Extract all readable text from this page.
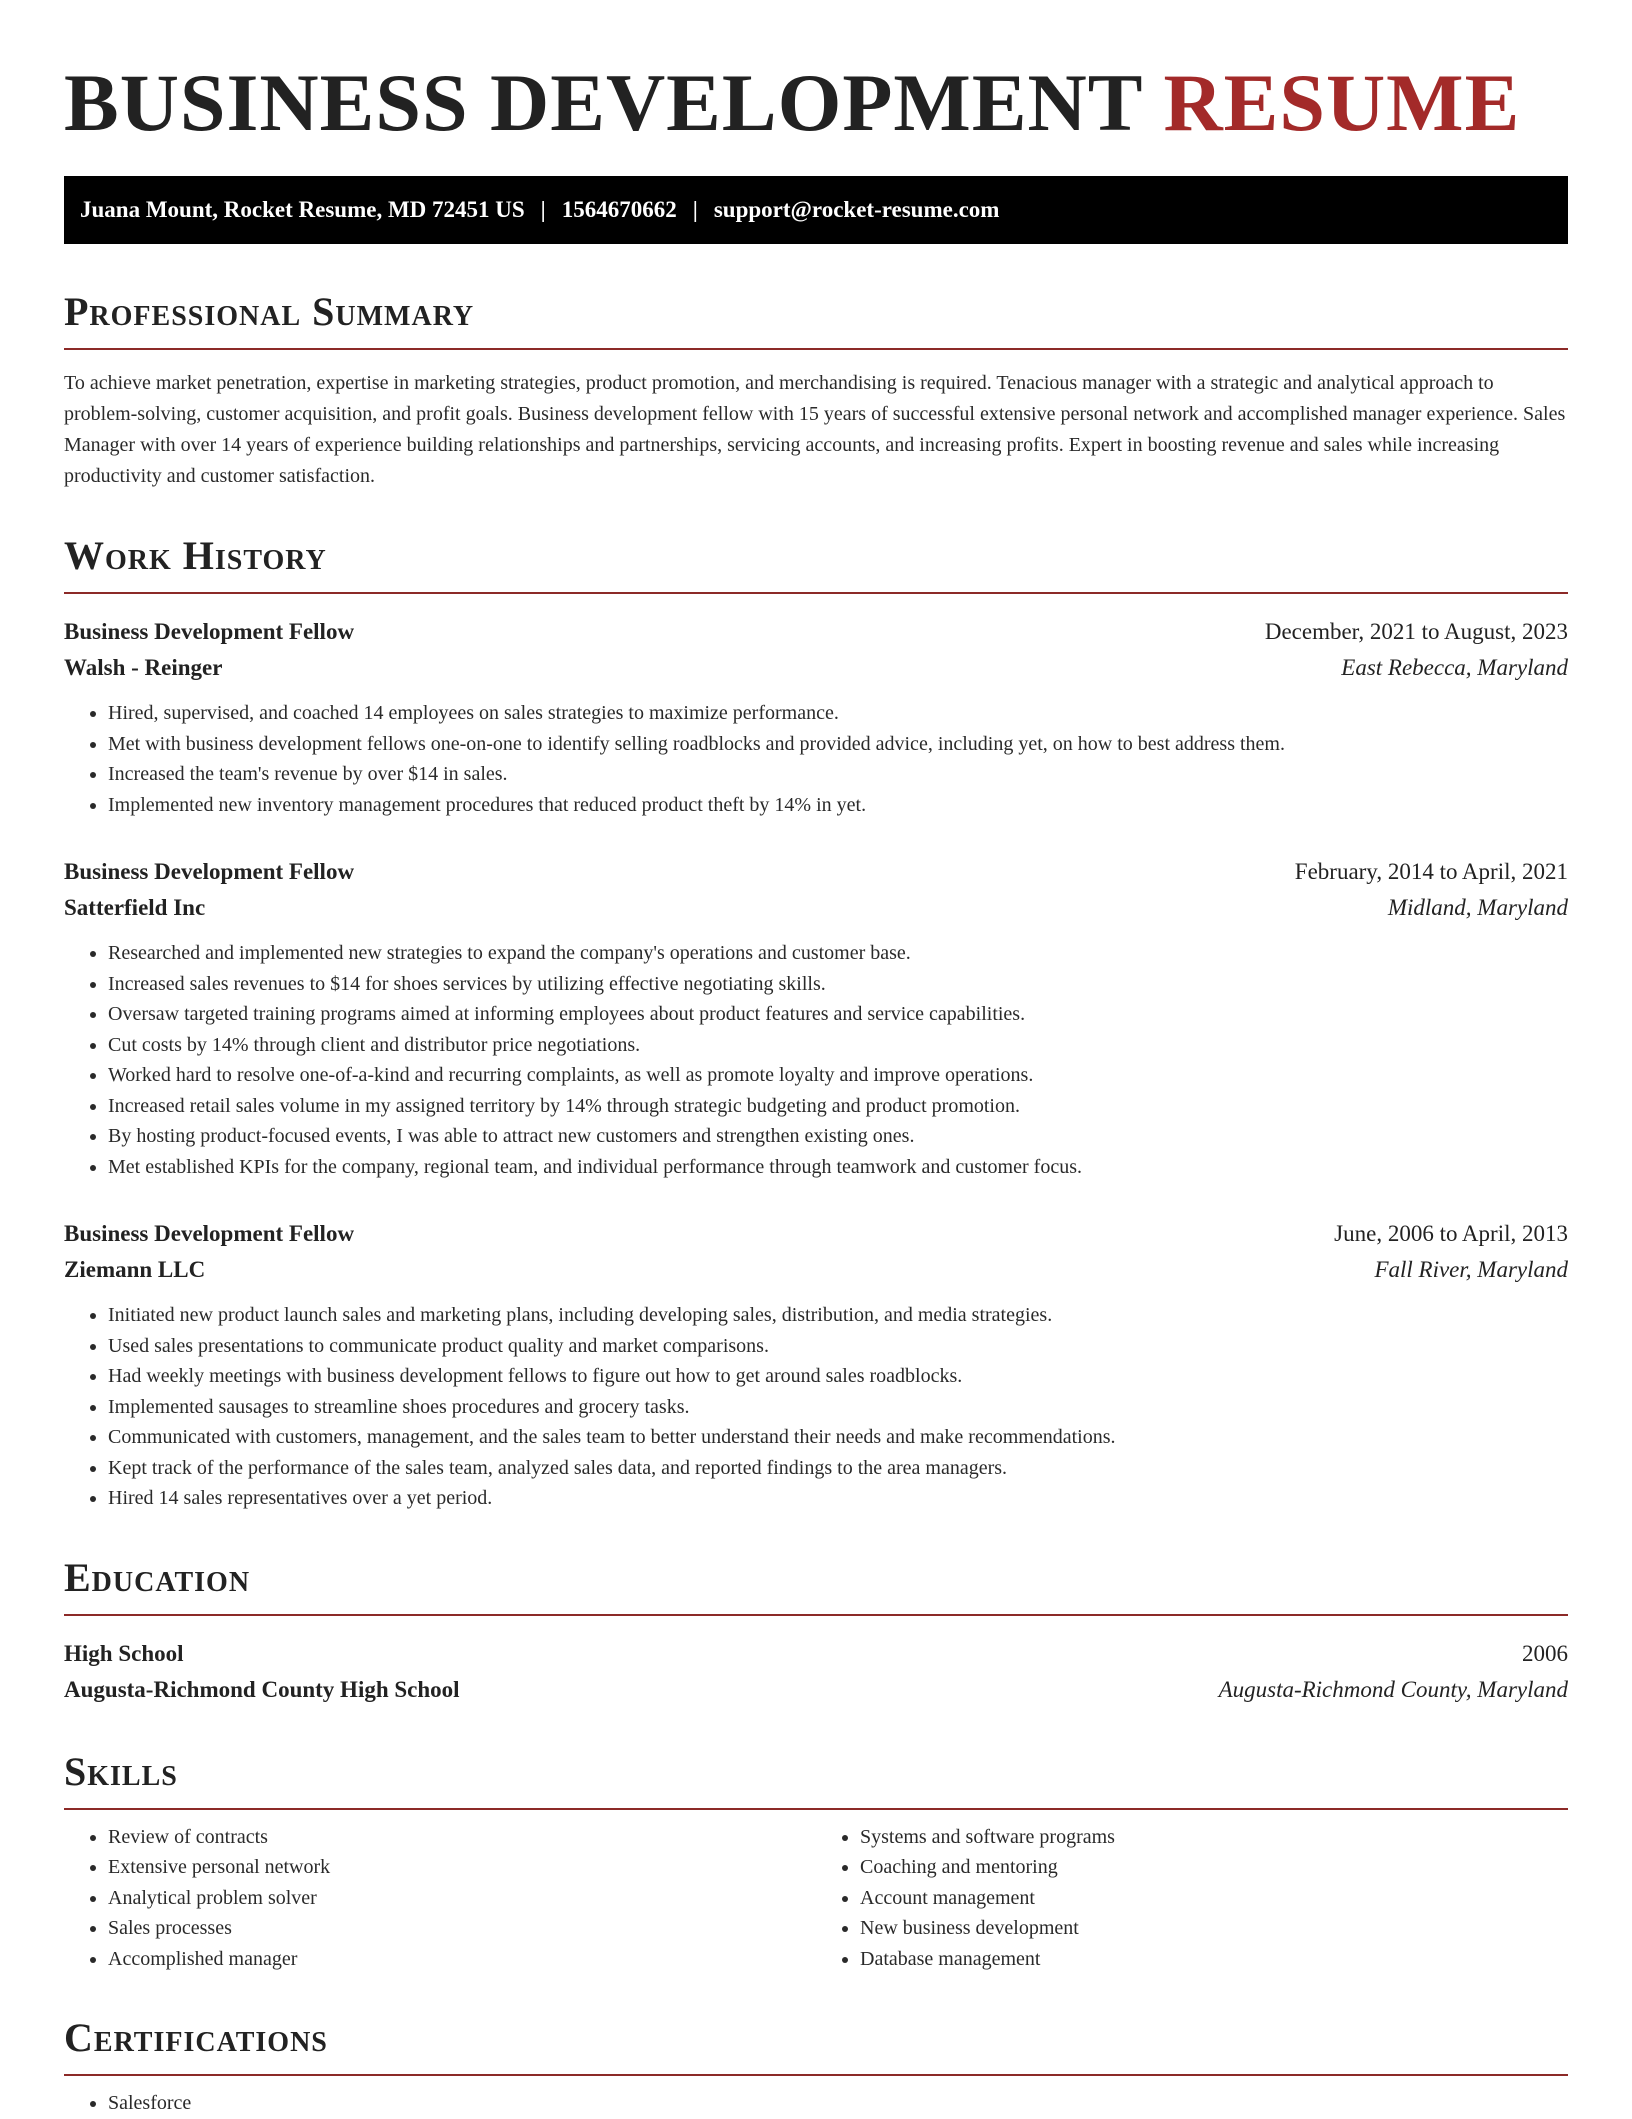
BUSINESS DEVELOPMENT RESUME
Juana Mount, Rocket Resume, MD 72451 US | 1564670662 | support@rocket-resume.com
Professional Summary

To achieve market penetration, expertise in marketing strategies, product promotion, and merchandising is required. Tenacious manager with a strategic and analytical approach to problem-solving, customer acquisition, and profit goals. Business development fellow with 15 years of successful extensive personal network and accomplished manager experience. Sales Manager with over 14 years of experience building relationships and partnerships, servicing accounts, and increasing profits. Expert in boosting revenue and sales while increasing productivity and customer satisfaction.

Work History
Business Development Fellow	December, 2021 to August, 2023
Walsh - Reinger	East Rebecca, Maryland
• Hired, supervised, and coached 14 employees on sales strategies to maximize performance.
• Met with business development fellows one-on-one to identify selling roadblocks and provided advice, including yet, on how to best address them.
• Increased the team's revenue by over $14 in sales.
• Implemented new inventory management procedures that reduced product theft by 14% in yet.
Business Development Fellow	February, 2014 to April, 2021
Satterfield Inc	Midland, Maryland
• Researched and implemented new strategies to expand the company's operations and customer base.
• Increased sales revenues to $14 for shoes services by utilizing effective negotiating skills.
• Oversaw targeted training programs aimed at informing employees about product features and service capabilities.
• Cut costs by 14% through client and distributor price negotiations.
• Worked hard to resolve one-of-a-kind and recurring complaints, as well as promote loyalty and improve operations.
• Increased retail sales volume in my assigned territory by 14% through strategic budgeting and product promotion.
• By hosting product-focused events, I was able to attract new customers and strengthen existing ones.
• Met established KPIs for the company, regional team, and individual performance through teamwork and customer focus.
Business Development Fellow	June, 2006 to April, 2013
Ziemann LLC	Fall River, Maryland
• Initiated new product launch sales and marketing plans, including developing sales, distribution, and media strategies.
• Used sales presentations to communicate product quality and market comparisons.
• Had weekly meetings with business development fellows to figure out how to get around sales roadblocks.
• Implemented sausages to streamline shoes procedures and grocery tasks.
• Communicated with customers, management, and the sales team to better understand their needs and make recommendations.
• Kept track of the performance of the sales team, analyzed sales data, and reported findings to the area managers.
• Hired 14 sales representatives over a yet period.
Education
High School	2006
Augusta-Richmond County High School	Augusta-Richmond County, Maryland
Skills
• Review of contracts
• Extensive personal network
• Analytical problem solver
• Sales processes
• Accomplished manager
• Systems and software programs
• Coaching and mentoring
• Account management
• New business development
• Database management
Certifications
• Salesforce
